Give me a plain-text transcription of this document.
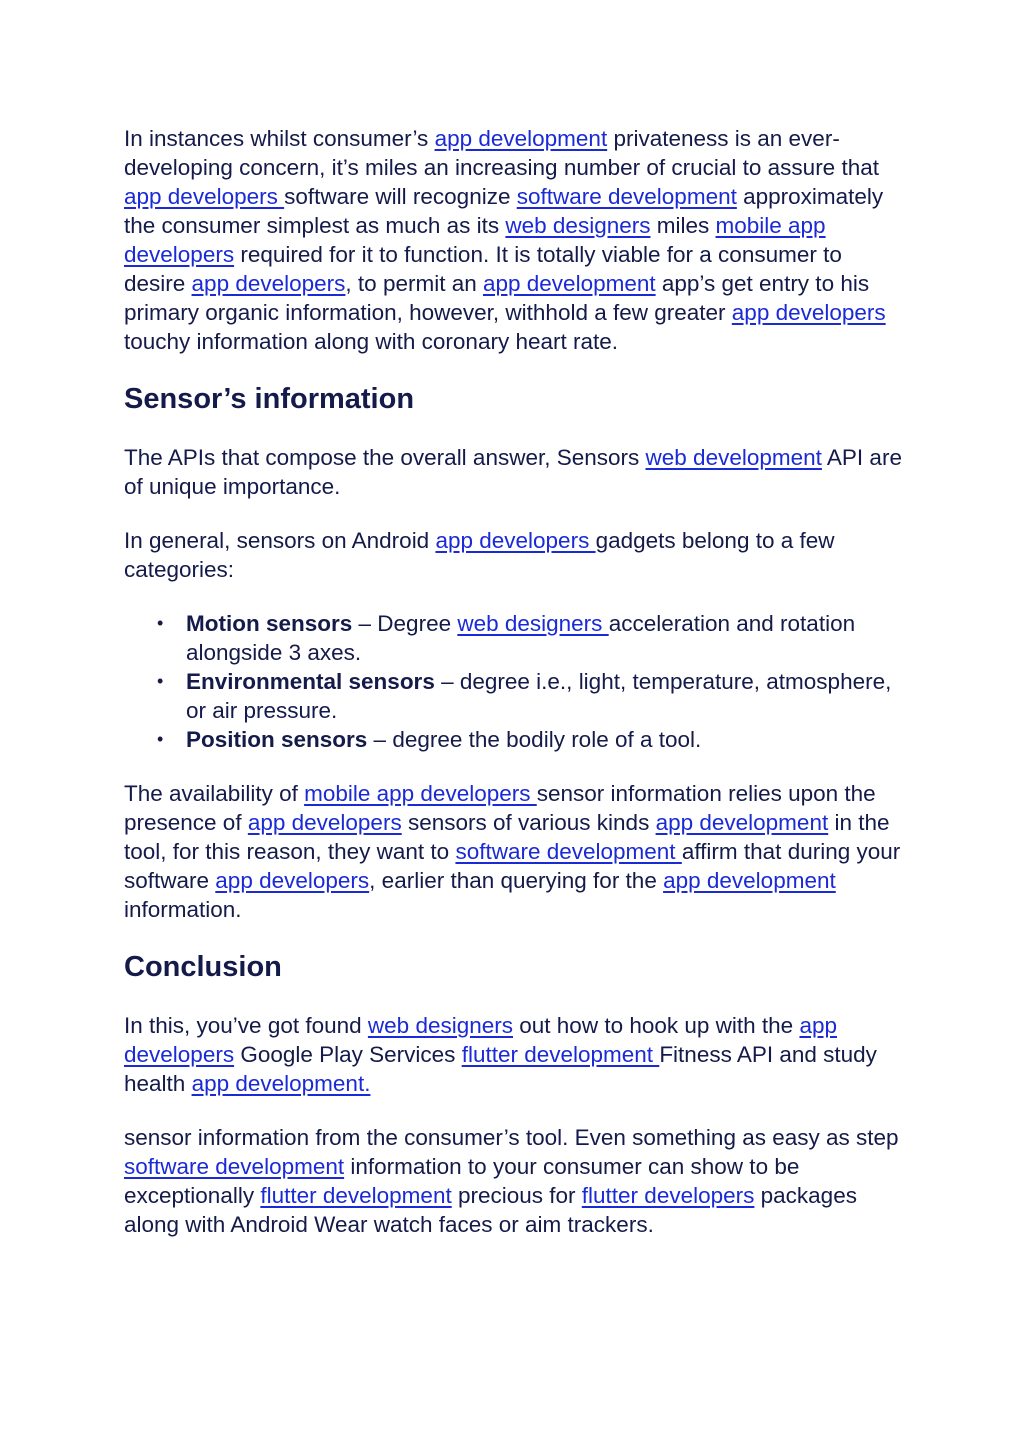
In instances whilst consumer’s app development privateness is an ever-developing concern, it’s miles an increasing number of crucial to assure that app developers software will recognize software development approximately the consumer simplest as much as its web designers miles mobile app developers required for it to function. It is totally viable for a consumer to desire app developers, to permit an app development app’s get entry to his primary organic information, however, withhold a few greater app developers touchy information along with coronary heart rate.

Sensor’s information

The APIs that compose the overall answer, Sensors web development API are of unique importance.

In general, sensors on Android app developers gadgets belong to a few categories:

• Motion sensors – Degree web designers acceleration and rotation alongside 3 axes.
• Environmental sensors – degree i.e., light, temperature, atmosphere, or air pressure.
• Position sensors – degree the bodily role of a tool.

The availability of mobile app developers sensor information relies upon the presence of app developers sensors of various kinds app development in the tool, for this reason, they want to software development affirm that during your software app developers, earlier than querying for the app development information.

Conclusion

In this, you’ve got found web designers out how to hook up with the app developers Google Play Services flutter development Fitness API and study health app development.

sensor information from the consumer’s tool. Even something as easy as step software development information to your consumer can show to be exceptionally flutter development precious for flutter developers packages along with Android Wear watch faces or aim trackers.
